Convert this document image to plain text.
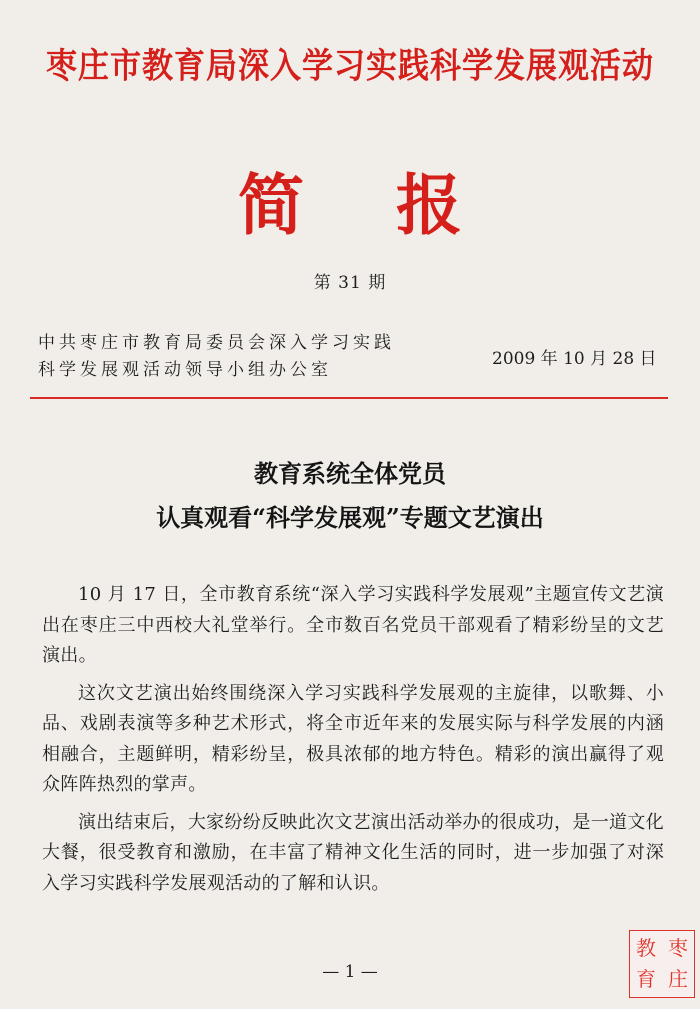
枣庄市教育局深入学习实践科学发展观活动
简报
第 31 期
中共枣庄市教育局委员会深入学习实践
科学发展观活动领导小组办公室
2009 年 10 月 28 日
教育系统全体党员
认真观看“科学发展观”专题文艺演出

10 月 17 日，全市教育系统“深入学习实践科学发展观”主题宣传文艺演出在枣庄三中西校大礼堂举行。全市数百名党员干部观看了精彩纷呈的文艺演出。

这次文艺演出始终围绕深入学习实践科学发展观的主旋律，以歌舞、小品、戏剧表演等多种艺术形式，将全市近年来的发展实际与科学发展的内涵相融合，主题鲜明，精彩纷呈，极具浓郁的地方特色。精彩的演出赢得了观众阵阵热烈的掌声。

演出结束后，大家纷纷反映此次文艺演出活动举办的很成功，是一道文化大餐，很受教育和激励，在丰富了精神文化生活的同时，进一步加强了对深入学习实践科学发展观活动的了解和认识。

— 1 —
枣
庄
教
育
